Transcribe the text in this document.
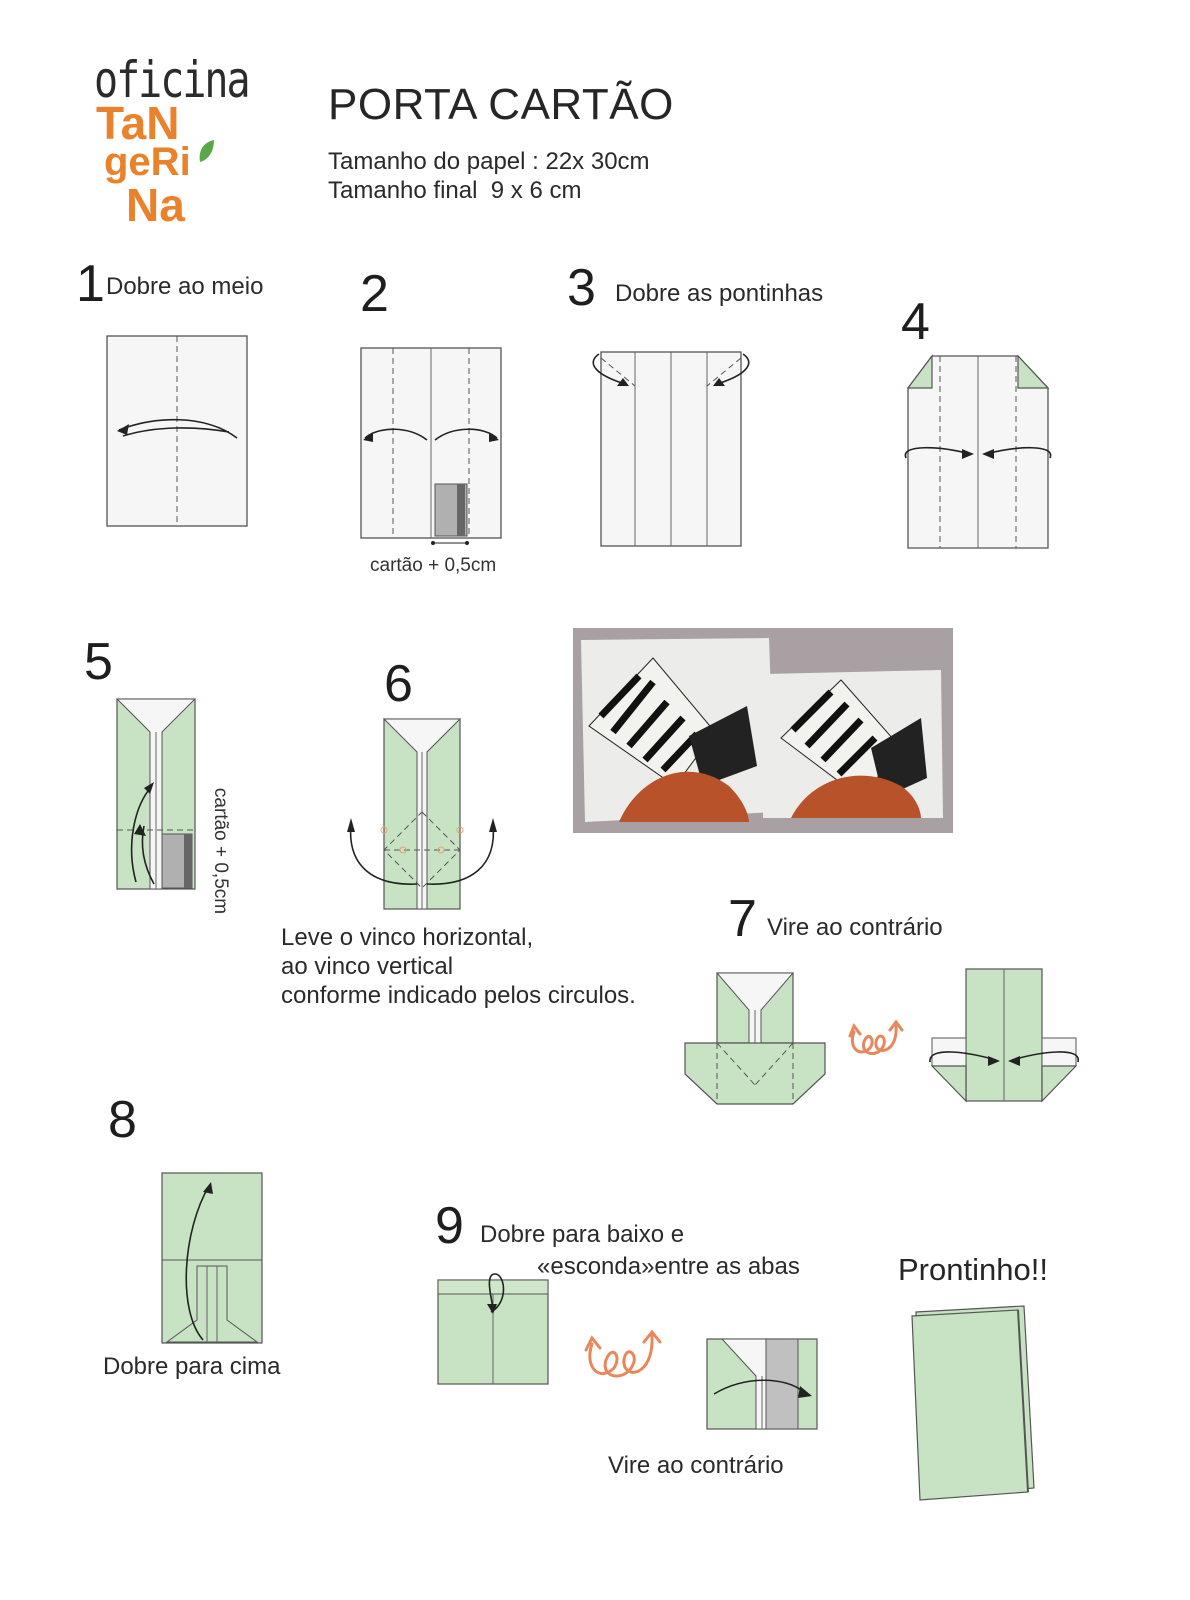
oficina
TaN
geRi
Na
PORTA CARTÃO
Tamanho do papel : 22x 30cm
Tamanho final  9 x 6 cm
1 Dobre ao meio 2
cartão + 0,5cm
3 Dobre as pontinhas 4
5
cartão + 0,5cm
6
Leve o vinco horizontal,
ao vinco vertical
conforme indicado pelos circulos.
7 Vire ao contrário
8
Dobre para cima
9 Dobre para baixo e
«esconda»entre as abas
Vire ao contrário
Prontinho!!
